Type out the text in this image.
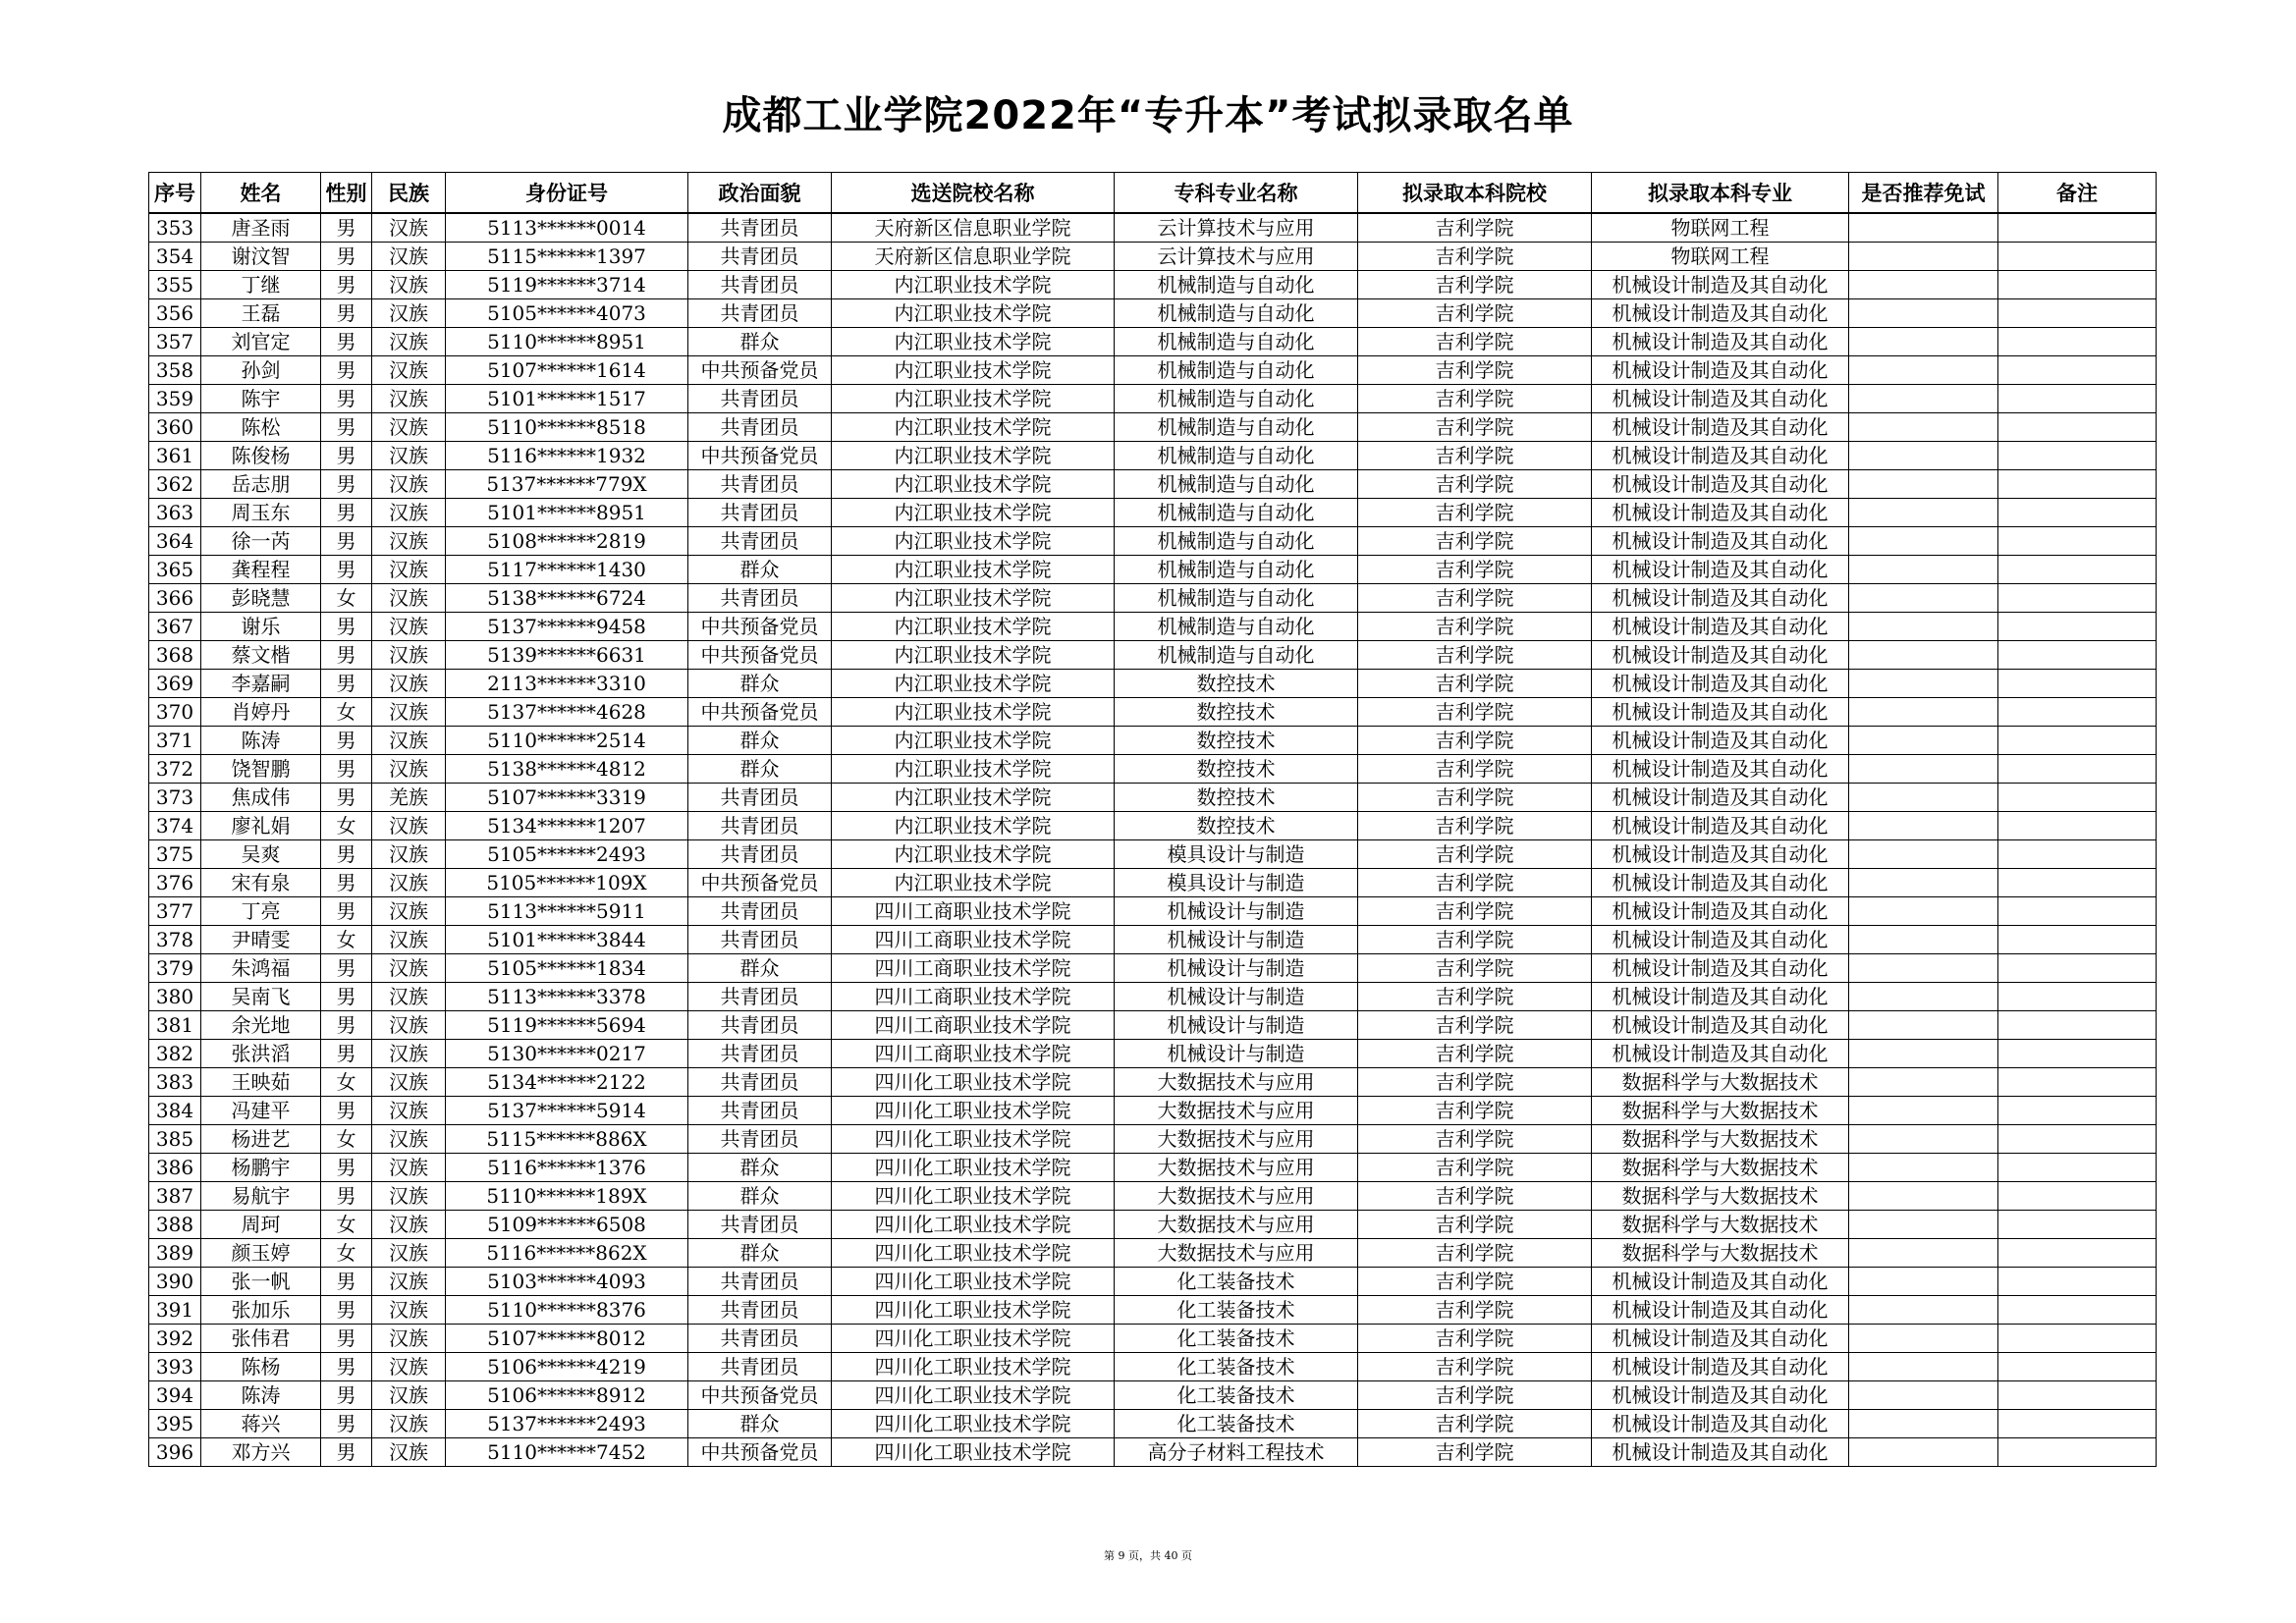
成都工业学院2022年“专升本”考试拟录取名单
序号	姓名	性别	民族	身份证号	政治面貌	选送院校名称	专科专业名称	拟录取本科院校	拟录取本科专业	是否推荐免试	备注
353	唐圣雨	男	汉族	5113******0014	共青团员	天府新区信息职业学院	云计算技术与应用	吉利学院	物联网工程		
354	谢汶智	男	汉族	5115******1397	共青团员	天府新区信息职业学院	云计算技术与应用	吉利学院	物联网工程		
355	丁继	男	汉族	5119******3714	共青团员	内江职业技术学院	机械制造与自动化	吉利学院	机械设计制造及其自动化		
356	王磊	男	汉族	5105******4073	共青团员	内江职业技术学院	机械制造与自动化	吉利学院	机械设计制造及其自动化		
357	刘官定	男	汉族	5110******8951	群众	内江职业技术学院	机械制造与自动化	吉利学院	机械设计制造及其自动化		
358	孙剑	男	汉族	5107******1614	中共预备党员	内江职业技术学院	机械制造与自动化	吉利学院	机械设计制造及其自动化		
359	陈宇	男	汉族	5101******1517	共青团员	内江职业技术学院	机械制造与自动化	吉利学院	机械设计制造及其自动化		
360	陈松	男	汉族	5110******8518	共青团员	内江职业技术学院	机械制造与自动化	吉利学院	机械设计制造及其自动化		
361	陈俊杨	男	汉族	5116******1932	中共预备党员	内江职业技术学院	机械制造与自动化	吉利学院	机械设计制造及其自动化		
362	岳志朋	男	汉族	5137******779X	共青团员	内江职业技术学院	机械制造与自动化	吉利学院	机械设计制造及其自动化		
363	周玉东	男	汉族	5101******8951	共青团员	内江职业技术学院	机械制造与自动化	吉利学院	机械设计制造及其自动化		
364	徐一芮	男	汉族	5108******2819	共青团员	内江职业技术学院	机械制造与自动化	吉利学院	机械设计制造及其自动化		
365	龚程程	男	汉族	5117******1430	群众	内江职业技术学院	机械制造与自动化	吉利学院	机械设计制造及其自动化		
366	彭晓慧	女	汉族	5138******6724	共青团员	内江职业技术学院	机械制造与自动化	吉利学院	机械设计制造及其自动化		
367	谢乐	男	汉族	5137******9458	中共预备党员	内江职业技术学院	机械制造与自动化	吉利学院	机械设计制造及其自动化		
368	蔡文楷	男	汉族	5139******6631	中共预备党员	内江职业技术学院	机械制造与自动化	吉利学院	机械设计制造及其自动化		
369	李嘉嗣	男	汉族	2113******3310	群众	内江职业技术学院	数控技术	吉利学院	机械设计制造及其自动化		
370	肖婷丹	女	汉族	5137******4628	中共预备党员	内江职业技术学院	数控技术	吉利学院	机械设计制造及其自动化		
371	陈涛	男	汉族	5110******2514	群众	内江职业技术学院	数控技术	吉利学院	机械设计制造及其自动化		
372	饶智鹏	男	汉族	5138******4812	群众	内江职业技术学院	数控技术	吉利学院	机械设计制造及其自动化		
373	焦成伟	男	羌族	5107******3319	共青团员	内江职业技术学院	数控技术	吉利学院	机械设计制造及其自动化		
374	廖礼娟	女	汉族	5134******1207	共青团员	内江职业技术学院	数控技术	吉利学院	机械设计制造及其自动化		
375	吴爽	男	汉族	5105******2493	共青团员	内江职业技术学院	模具设计与制造	吉利学院	机械设计制造及其自动化		
376	宋有泉	男	汉族	5105******109X	中共预备党员	内江职业技术学院	模具设计与制造	吉利学院	机械设计制造及其自动化		
377	丁亮	男	汉族	5113******5911	共青团员	四川工商职业技术学院	机械设计与制造	吉利学院	机械设计制造及其自动化		
378	尹晴雯	女	汉族	5101******3844	共青团员	四川工商职业技术学院	机械设计与制造	吉利学院	机械设计制造及其自动化		
379	朱鸿福	男	汉族	5105******1834	群众	四川工商职业技术学院	机械设计与制造	吉利学院	机械设计制造及其自动化		
380	吴南飞	男	汉族	5113******3378	共青团员	四川工商职业技术学院	机械设计与制造	吉利学院	机械设计制造及其自动化		
381	余光地	男	汉族	5119******5694	共青团员	四川工商职业技术学院	机械设计与制造	吉利学院	机械设计制造及其自动化		
382	张洪滔	男	汉族	5130******0217	共青团员	四川工商职业技术学院	机械设计与制造	吉利学院	机械设计制造及其自动化		
383	王映茹	女	汉族	5134******2122	共青团员	四川化工职业技术学院	大数据技术与应用	吉利学院	数据科学与大数据技术		
384	冯建平	男	汉族	5137******5914	共青团员	四川化工职业技术学院	大数据技术与应用	吉利学院	数据科学与大数据技术		
385	杨进艺	女	汉族	5115******886X	共青团员	四川化工职业技术学院	大数据技术与应用	吉利学院	数据科学与大数据技术		
386	杨鹏宇	男	汉族	5116******1376	群众	四川化工职业技术学院	大数据技术与应用	吉利学院	数据科学与大数据技术		
387	易航宇	男	汉族	5110******189X	群众	四川化工职业技术学院	大数据技术与应用	吉利学院	数据科学与大数据技术		
388	周珂	女	汉族	5109******6508	共青团员	四川化工职业技术学院	大数据技术与应用	吉利学院	数据科学与大数据技术		
389	颜玉婷	女	汉族	5116******862X	群众	四川化工职业技术学院	大数据技术与应用	吉利学院	数据科学与大数据技术		
390	张一帆	男	汉族	5103******4093	共青团员	四川化工职业技术学院	化工装备技术	吉利学院	机械设计制造及其自动化		
391	张加乐	男	汉族	5110******8376	共青团员	四川化工职业技术学院	化工装备技术	吉利学院	机械设计制造及其自动化		
392	张伟君	男	汉族	5107******8012	共青团员	四川化工职业技术学院	化工装备技术	吉利学院	机械设计制造及其自动化		
393	陈杨	男	汉族	5106******4219	共青团员	四川化工职业技术学院	化工装备技术	吉利学院	机械设计制造及其自动化		
394	陈涛	男	汉族	5106******8912	中共预备党员	四川化工职业技术学院	化工装备技术	吉利学院	机械设计制造及其自动化		
395	蒋兴	男	汉族	5137******2493	群众	四川化工职业技术学院	化工装备技术	吉利学院	机械设计制造及其自动化		
396	邓方兴	男	汉族	5110******7452	中共预备党员	四川化工职业技术学院	高分子材料工程技术	吉利学院	机械设计制造及其自动化		
第 9 页，共 40 页
